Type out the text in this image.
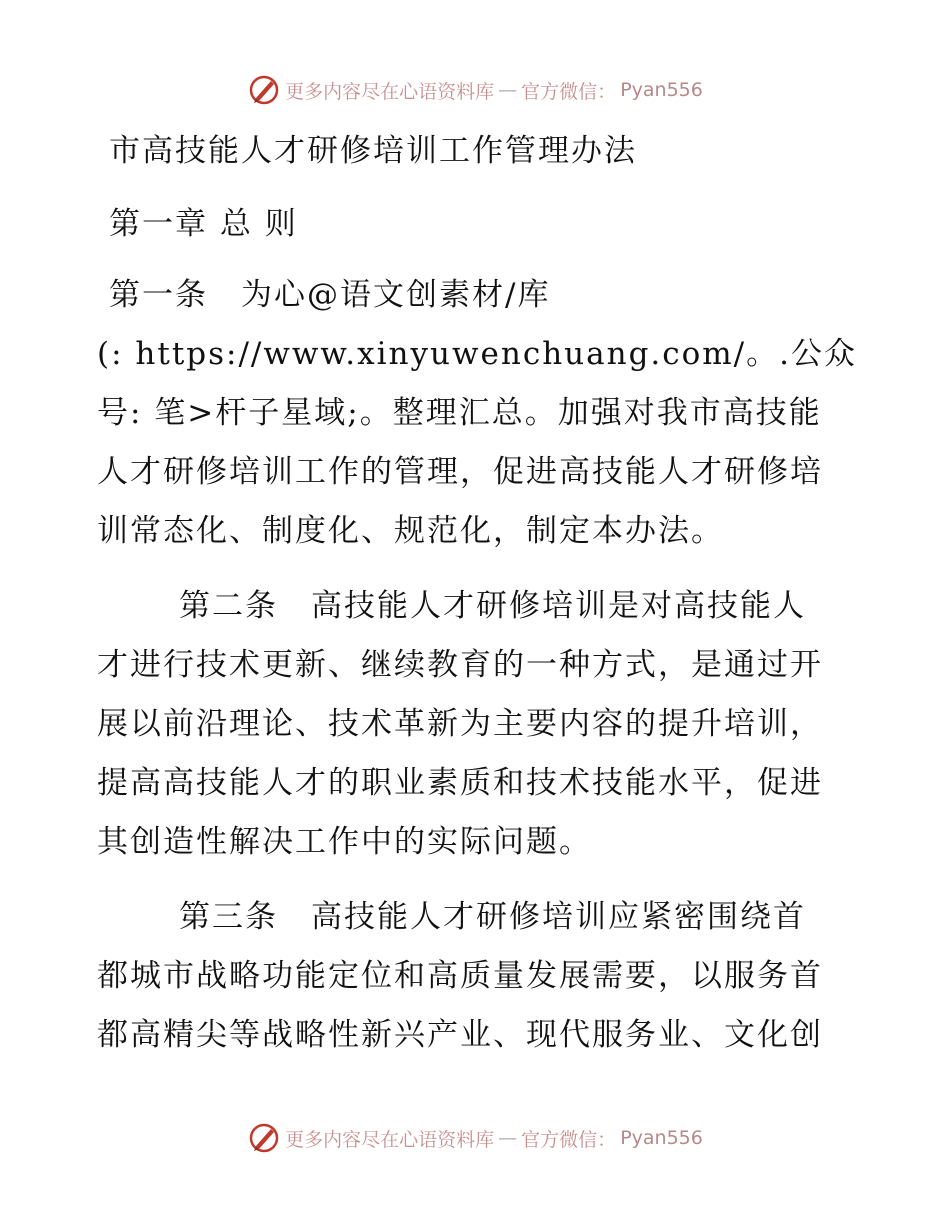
更多内容尽在心语资料库 — 官方微信： Pyan556
市高技能人才研修培训工作管理办法
第一章 总 则
第一条　为心@语文创素材/库
(: https://www.xinyuwenchuang.com/。.公众
号: 笔>杆子星域;。整理汇总。加强对我市高技能
人才研修培训工作的管理，促进高技能人才研修培
训常态化、制度化、规范化，制定本办法。
第二条　高技能人才研修培训是对高技能人
才进行技术更新、继续教育的一种方式，是通过开
展以前沿理论、技术革新为主要内容的提升培训，
提高高技能人才的职业素质和技术技能水平，促进
其创造性解决工作中的实际问题。
第三条　高技能人才研修培训应紧密围绕首
都城市战略功能定位和高质量发展需要，以服务首
都高精尖等战略性新兴产业、现代服务业、文化创
更多内容尽在心语资料库 — 官方微信： Pyan556
